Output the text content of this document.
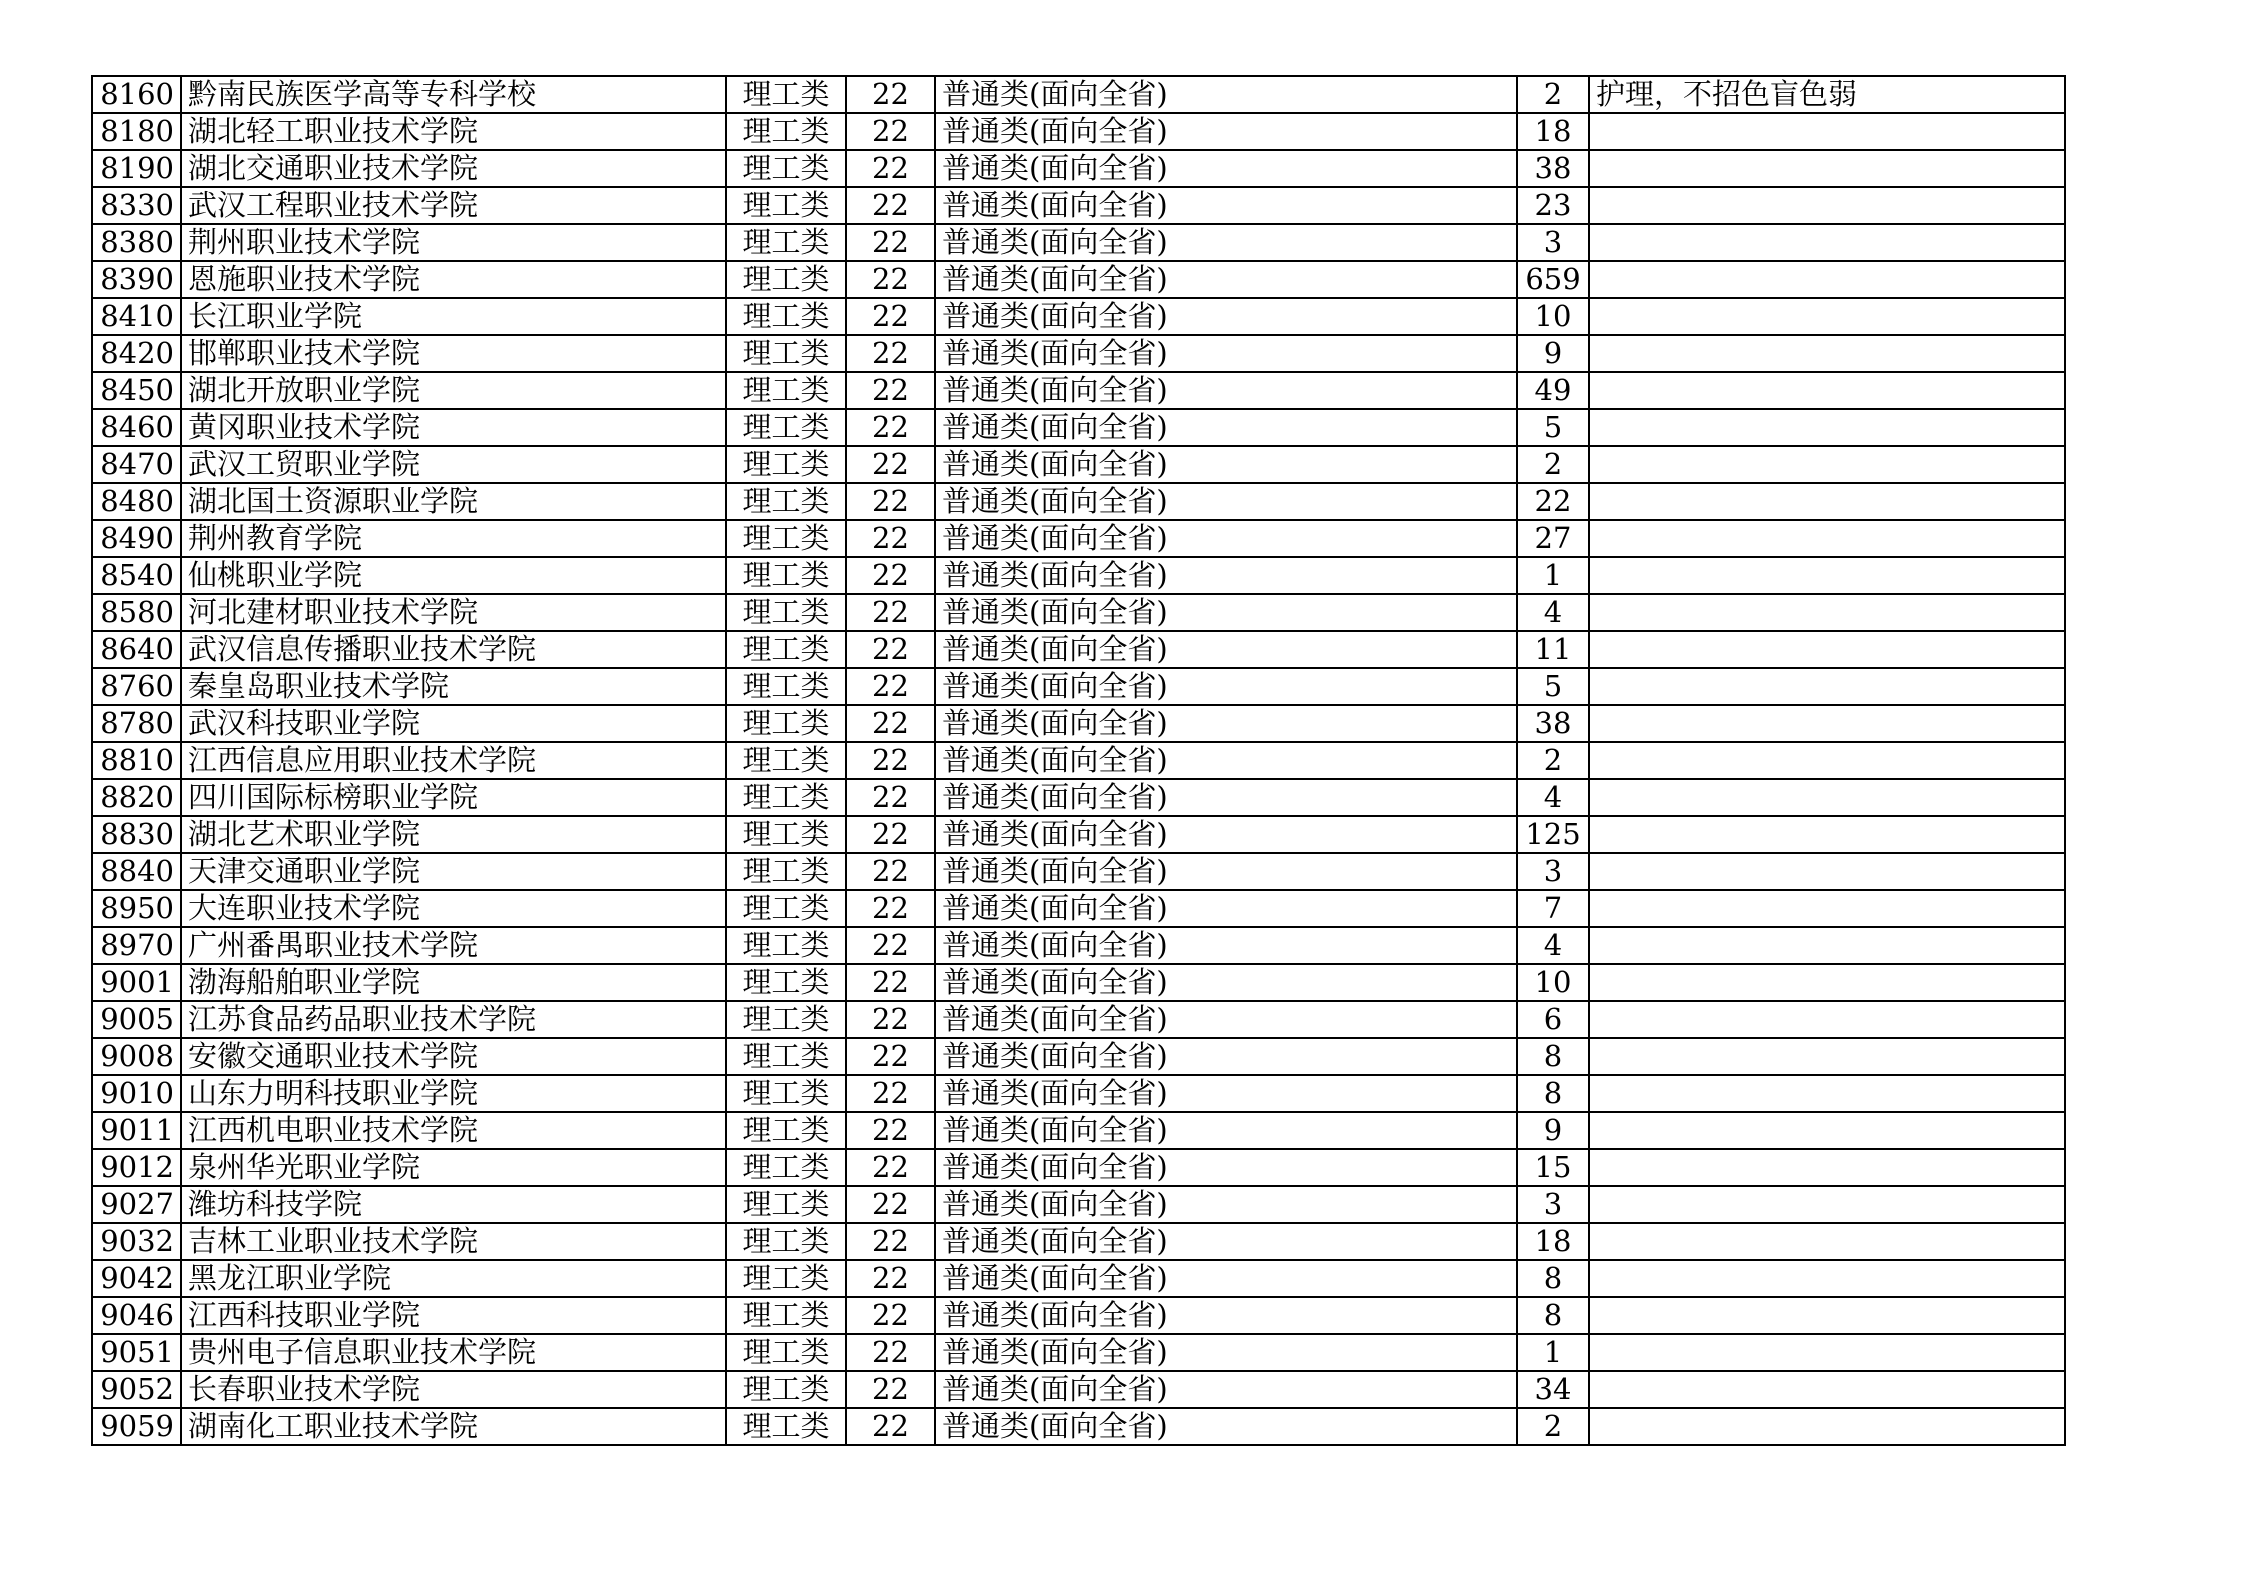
8160	黔南民族医学高等专科学校	理工类	22	普通类(面向全省)	2	护理，不招色盲色弱
8180	湖北轻工职业技术学院	理工类	22	普通类(面向全省)	18	
8190	湖北交通职业技术学院	理工类	22	普通类(面向全省)	38	
8330	武汉工程职业技术学院	理工类	22	普通类(面向全省)	23	
8380	荆州职业技术学院	理工类	22	普通类(面向全省)	3	
8390	恩施职业技术学院	理工类	22	普通类(面向全省)	659	
8410	长江职业学院	理工类	22	普通类(面向全省)	10	
8420	邯郸职业技术学院	理工类	22	普通类(面向全省)	9	
8450	湖北开放职业学院	理工类	22	普通类(面向全省)	49	
8460	黄冈职业技术学院	理工类	22	普通类(面向全省)	5	
8470	武汉工贸职业学院	理工类	22	普通类(面向全省)	2	
8480	湖北国土资源职业学院	理工类	22	普通类(面向全省)	22	
8490	荆州教育学院	理工类	22	普通类(面向全省)	27	
8540	仙桃职业学院	理工类	22	普通类(面向全省)	1	
8580	河北建材职业技术学院	理工类	22	普通类(面向全省)	4	
8640	武汉信息传播职业技术学院	理工类	22	普通类(面向全省)	11	
8760	秦皇岛职业技术学院	理工类	22	普通类(面向全省)	5	
8780	武汉科技职业学院	理工类	22	普通类(面向全省)	38	
8810	江西信息应用职业技术学院	理工类	22	普通类(面向全省)	2	
8820	四川国际标榜职业学院	理工类	22	普通类(面向全省)	4	
8830	湖北艺术职业学院	理工类	22	普通类(面向全省)	125	
8840	天津交通职业学院	理工类	22	普通类(面向全省)	3	
8950	大连职业技术学院	理工类	22	普通类(面向全省)	7	
8970	广州番禺职业技术学院	理工类	22	普通类(面向全省)	4	
9001	渤海船舶职业学院	理工类	22	普通类(面向全省)	10	
9005	江苏食品药品职业技术学院	理工类	22	普通类(面向全省)	6	
9008	安徽交通职业技术学院	理工类	22	普通类(面向全省)	8	
9010	山东力明科技职业学院	理工类	22	普通类(面向全省)	8	
9011	江西机电职业技术学院	理工类	22	普通类(面向全省)	9	
9012	泉州华光职业学院	理工类	22	普通类(面向全省)	15	
9027	潍坊科技学院	理工类	22	普通类(面向全省)	3	
9032	吉林工业职业技术学院	理工类	22	普通类(面向全省)	18	
9042	黑龙江职业学院	理工类	22	普通类(面向全省)	8	
9046	江西科技职业学院	理工类	22	普通类(面向全省)	8	
9051	贵州电子信息职业技术学院	理工类	22	普通类(面向全省)	1	
9052	长春职业技术学院	理工类	22	普通类(面向全省)	34	
9059	湖南化工职业技术学院	理工类	22	普通类(面向全省)	2	
